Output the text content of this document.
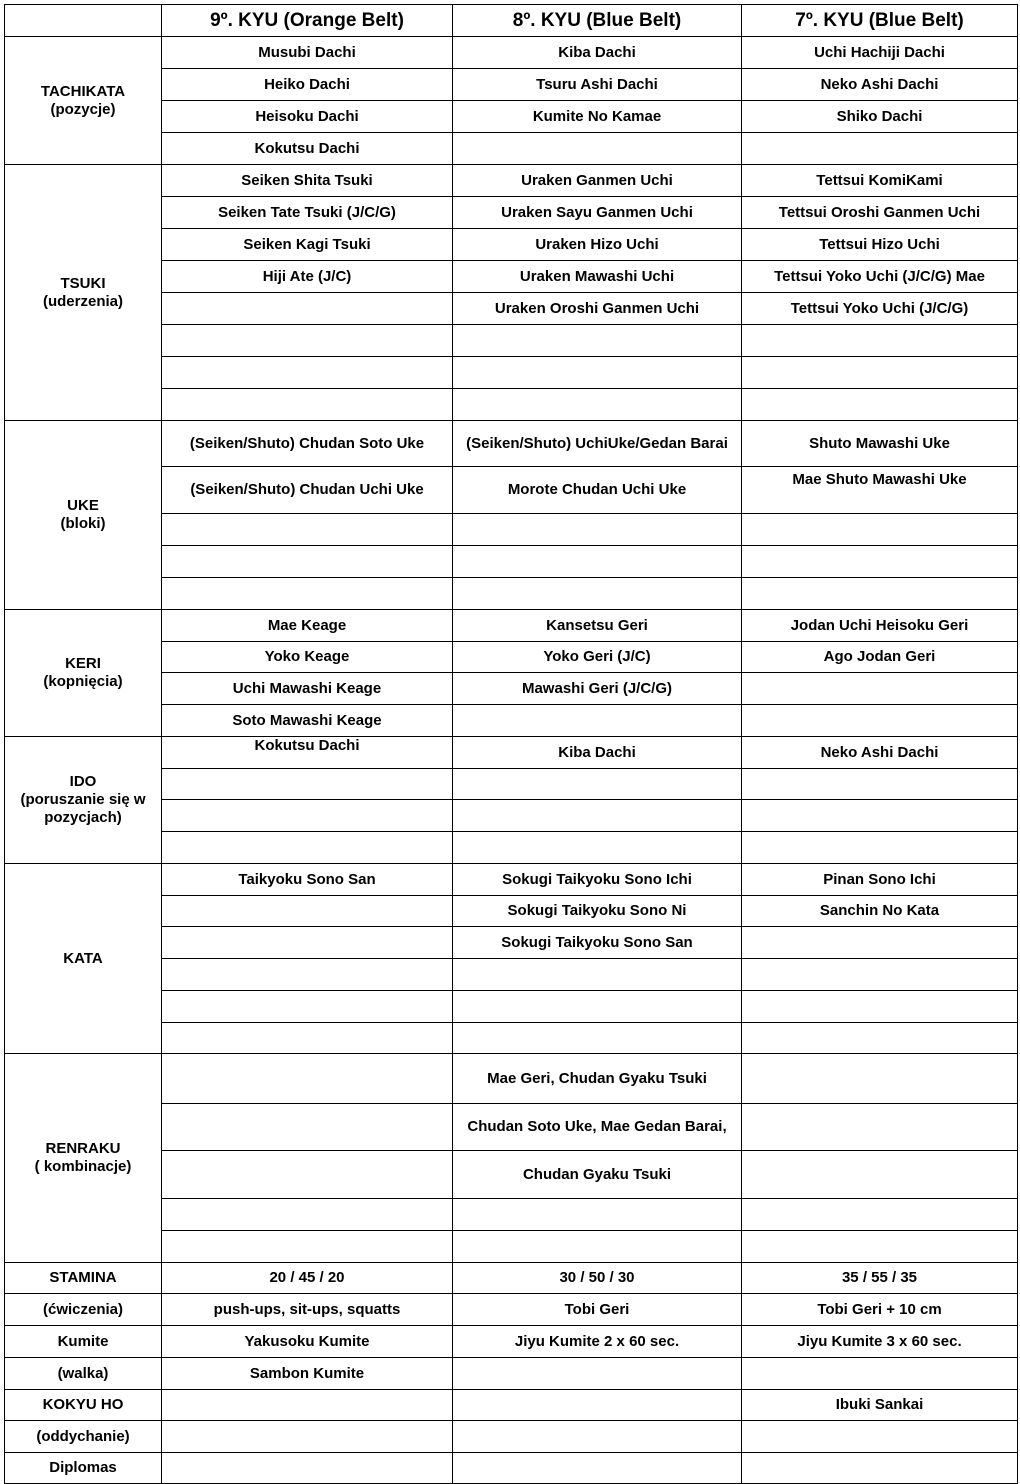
	9º. KYU (Orange Belt)	8º. KYU (Blue Belt)	7º. KYU (Blue Belt)

TACHIKATA
(pozycje)	Musubi Dachi	Kiba Dachi	Uchi Hachiji Dachi
	Heiko Dachi	Tsuru Ashi Dachi	Neko Ashi Dachi
	Heisoku Dachi	Kumite No Kamae	Shiko Dachi
	Kokutsu Dachi		

TSUKI
(uderzenia)	Seiken Shita Tsuki	Uraken Ganmen Uchi	Tettsui KomiKami
	Seiken Tate Tsuki (J/C/G)	Uraken Sayu Ganmen Uchi	Tettsui Oroshi Ganmen Uchi
	Seiken Kagi Tsuki	Uraken Hizo Uchi	Tettsui Hizo Uchi
	Hiji Ate (J/C)	Uraken Mawashi Uchi	Tettsui Yoko Uchi (J/C/G) Mae
		Uraken Oroshi Ganmen Uchi	Tettsui Yoko Uchi (J/C/G)

UKE
(bloki)	(Seiken/Shuto) Chudan Soto Uke	(Seiken/Shuto) UchiUke/Gedan Barai	Shuto Mawashi Uke
	(Seiken/Shuto) Chudan Uchi Uke	Morote Chudan Uchi Uke	Mae Shuto Mawashi Uke

KERI
(kopnięcia)	Mae Keage	Kansetsu Geri	Jodan Uchi Heisoku Geri
	Yoko Keage	Yoko Geri (J/C)	Ago Jodan Geri
	Uchi Mawashi Keage	Mawashi Geri (J/C/G)	
	Soto Mawashi Keage		

IDO
(poruszanie się w pozycjach)	Kokutsu Dachi	Kiba Dachi	Neko Ashi Dachi

KATA	Taikyoku Sono San	Sokugi Taikyoku Sono Ichi	Pinan Sono Ichi
		Sokugi Taikyoku Sono Ni	Sanchin No Kata
		Sokugi Taikyoku Sono San	

RENRAKU
( kombinacje)		Mae Geri, Chudan Gyaku Tsuki	
		Chudan Soto Uke, Mae Gedan Barai,	
		Chudan Gyaku Tsuki	

STAMINA	20 / 45 / 20	30 / 50 / 30	35 / 55 / 35
(ćwiczenia)	push-ups, sit-ups, squatts	Tobi Geri	Tobi Geri + 10 cm
Kumite	Yakusoku Kumite	Jiyu Kumite 2 x 60 sec.	Jiyu Kumite 3 x 60 sec.
(walka)	Sambon Kumite		
KOKYU HO			Ibuki Sankai
(oddychanie)			
Diplomas			
